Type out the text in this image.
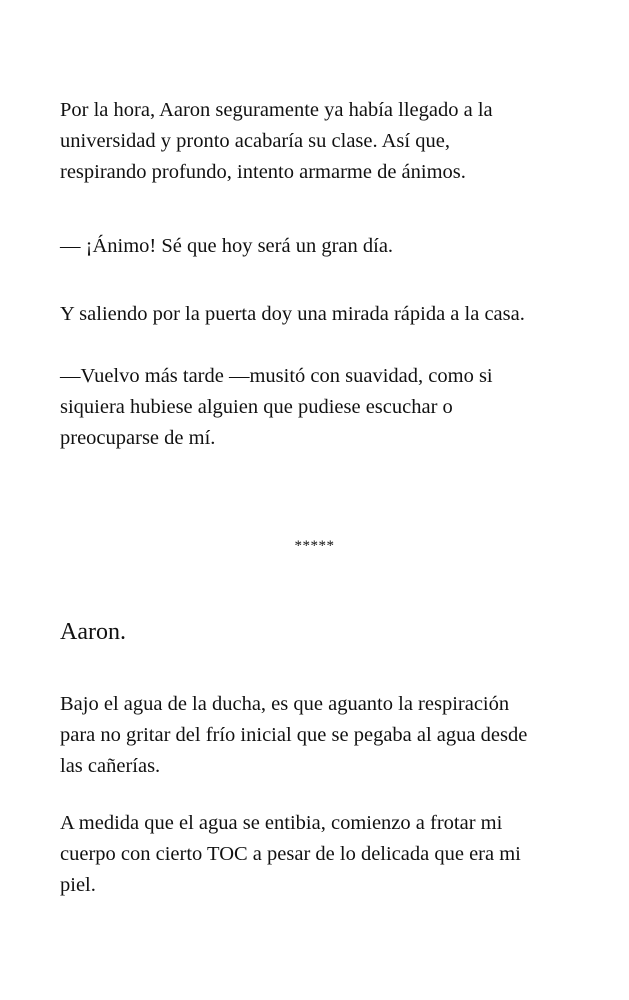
Por la hora, Aaron seguramente ya había llegado a la
universidad y pronto acabaría su clase. Así que,
respirando profundo, intento armarme de ánimos.
— ¡Ánimo! Sé que hoy será un gran día.
Y saliendo por la puerta doy una mirada rápida a la casa.
—Vuelvo más tarde —musitó con suavidad, como si
siquiera hubiese alguien que pudiese escuchar o
preocuparse de mí.
*****
Aaron.
Bajo el agua de la ducha, es que aguanto la respiración
para no gritar del frío inicial que se pegaba al agua desde
las cañerías.
A medida que el agua se entibia, comienzo a frotar mi
cuerpo con cierto TOC a pesar de lo delicada que era mi
piel.
